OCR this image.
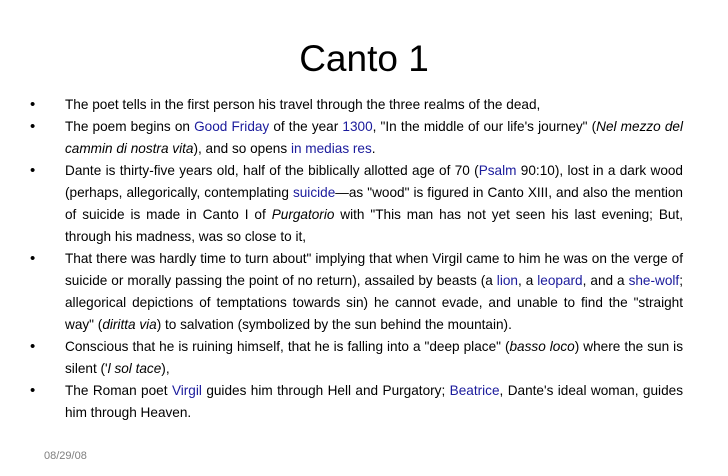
Canto 1
• The poet tells in the first person his travel through the three realms of the dead,
• The poem begins on Good Friday of the year 1300, "In the middle of our life's journey" (Nel mezzo del cammin di nostra vita), and so opens in medias res.
• Dante is thirty-five years old, half of the biblically allotted age of 70 (Psalm 90:10), lost in a dark wood (perhaps, allegorically, contemplating suicide—as "wood" is figured in Canto XIII, and also the mention of suicide is made in Canto I of Purgatorio with "This man has not yet seen his last evening; But, through his madness, was so close to it,
• That there was hardly time to turn about" implying that when Virgil came to him he was on the verge of suicide or morally passing the point of no return), assailed by beasts (a lion, a leopard, and a she-wolf; allegorical depictions of temptations towards sin) he cannot evade, and unable to find the "straight way" (diritta via) to salvation (symbolized by the sun behind the mountain).
• Conscious that he is ruining himself, that he is falling into a "deep place" (basso loco) where the sun is silent ('l sol tace),
• The Roman poet Virgil guides him through Hell and Purgatory; Beatrice, Dante's ideal woman, guides him through Heaven.
08/29/08
